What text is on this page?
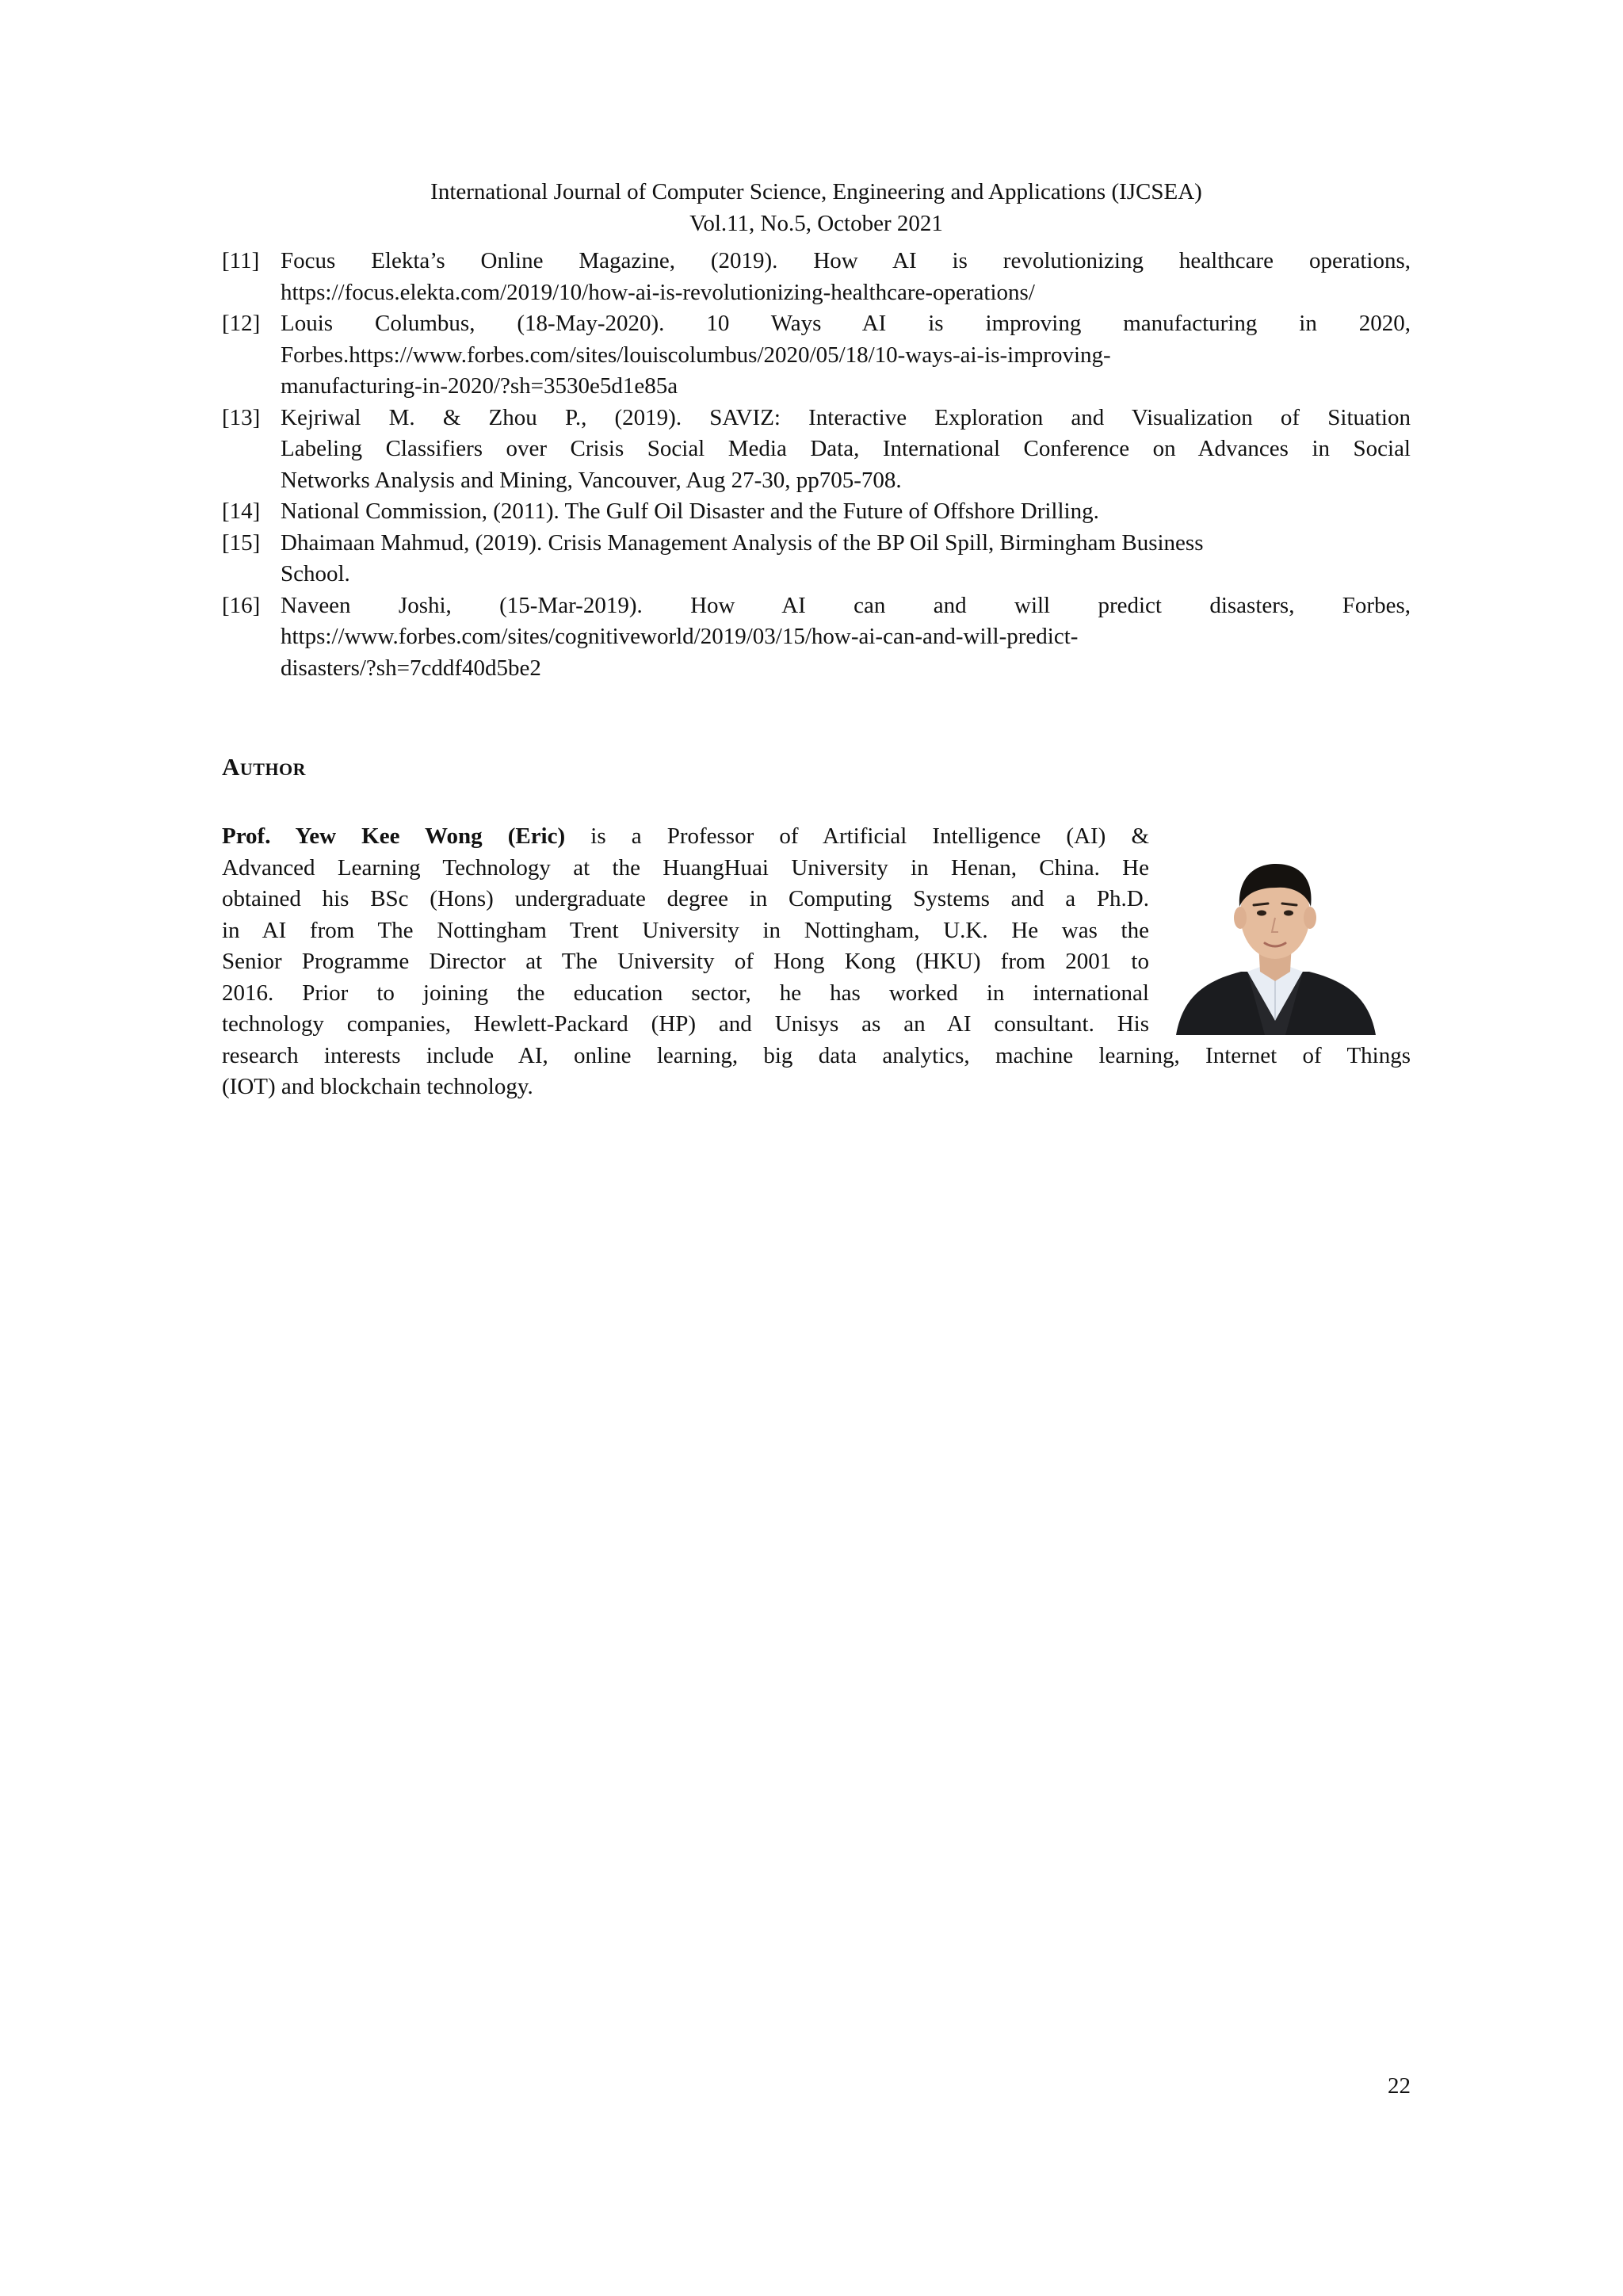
International Journal of Computer Science, Engineering and Applications (IJCSEA)
Vol.11, No.5, October 2021
[11] Focus Elekta’s Online Magazine, (2019). How AI is revolutionizing healthcare operations,
https://focus.elekta.com/2019/10/how-ai-is-revolutionizing-healthcare-operations/
[12] Louis Columbus, (18-May-2020). 10 Ways AI is improving manufacturing in 2020,
Forbes.https://www.forbes.com/sites/louiscolumbus/2020/05/18/10-ways-ai-is-improving-
manufacturing-in-2020/?sh=3530e5d1e85a
[13] Kejriwal M. & Zhou P., (2019). SAVIZ: Interactive Exploration and Visualization of Situation
Labeling Classifiers over Crisis Social Media Data, International Conference on Advances in Social
Networks Analysis and Mining, Vancouver, Aug 27-30, pp705-708.
[14] National Commission, (2011). The Gulf Oil Disaster and the Future of Offshore Drilling.
[15] Dhaimaan Mahmud, (2019). Crisis Management Analysis of the BP Oil Spill, Birmingham Business
School.
[16] Naveen Joshi, (15-Mar-2019). How AI can and will predict disasters, Forbes,
https://www.forbes.com/sites/cognitiveworld/2019/03/15/how-ai-can-and-will-predict-
disasters/?sh=7cddf40d5be2
Author
Prof. Yew Kee Wong (Eric) is a Professor of Artificial Intelligence (AI) &
Advanced Learning Technology at the HuangHuai University in Henan, China. He
obtained his BSc (Hons) undergraduate degree in Computing Systems and a Ph.D.
in AI from The Nottingham Trent University in Nottingham, U.K. He was the
Senior Programme Director at The University of Hong Kong (HKU) from 2001 to
2016. Prior to joining the education sector, he has worked in international
technology companies, Hewlett-Packard (HP) and Unisys as an AI consultant. His
research interests include AI, online learning, big data analytics, machine learning, Internet of Things
(IOT) and blockchain technology.
22
